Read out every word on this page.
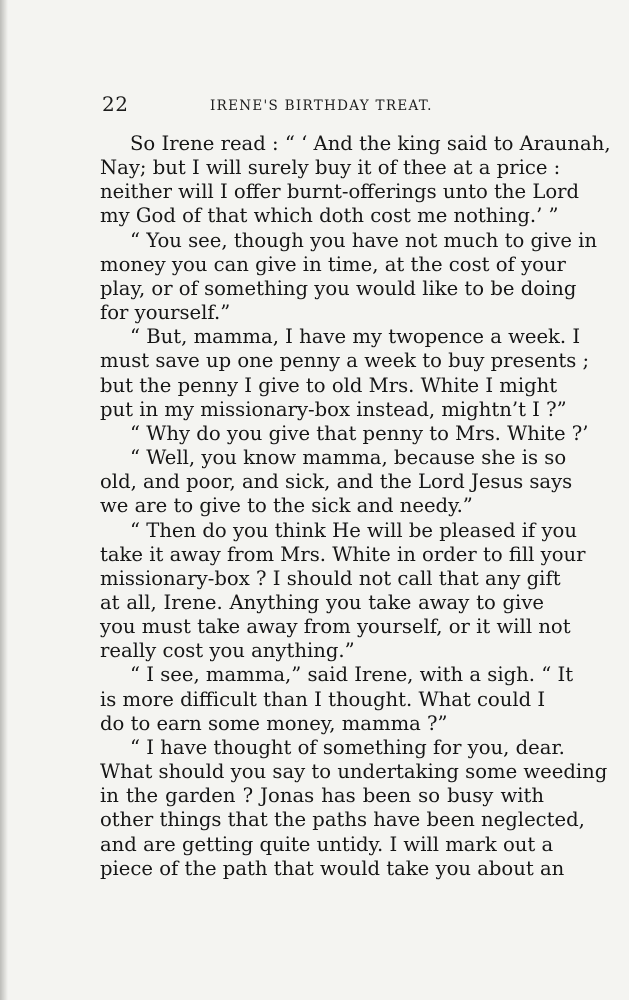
22	IRENE'S BIRTHDAY TREAT.
So Irene read : “ ‘ And the king said to Araunah,
Nay; but I will surely buy it of thee at a price :
neither will I offer burnt-offerings unto the Lord
my God of that which doth cost me nothing.’ ”
“ You see, though you have not much to give in
money you can give in time, at the cost of your
play, or of something you would like to be doing
for yourself.”
“ But, mamma, I have my twopence a week. I
must save up one penny a week to buy presents ;
but the penny I give to old Mrs. White I might
put in my missionary-box instead, mightn’t I ?”
“ Why do you give that penny to Mrs. White ?’
“ Well, you know mamma, because she is so
old, and poor, and sick, and the Lord Jesus says
we are to give to the sick and needy.”
“ Then do you think He will be pleased if you
take it away from Mrs. White in order to fill your
missionary-box ? I should not call that any gift
at all, Irene. Anything you take away to give
you must take away from yourself, or it will not
really cost you anything.”
“ I see, mamma,” said Irene, with a sigh. “ It
is more difficult than I thought. What could I
do to earn some money, mamma ?”
“ I have thought of something for you, dear.
What should you say to undertaking some weeding
in the garden ? Jonas has been so busy with
other things that the paths have been neglected,
and are getting quite untidy. I will mark out a
piece of the path that would take you about an
